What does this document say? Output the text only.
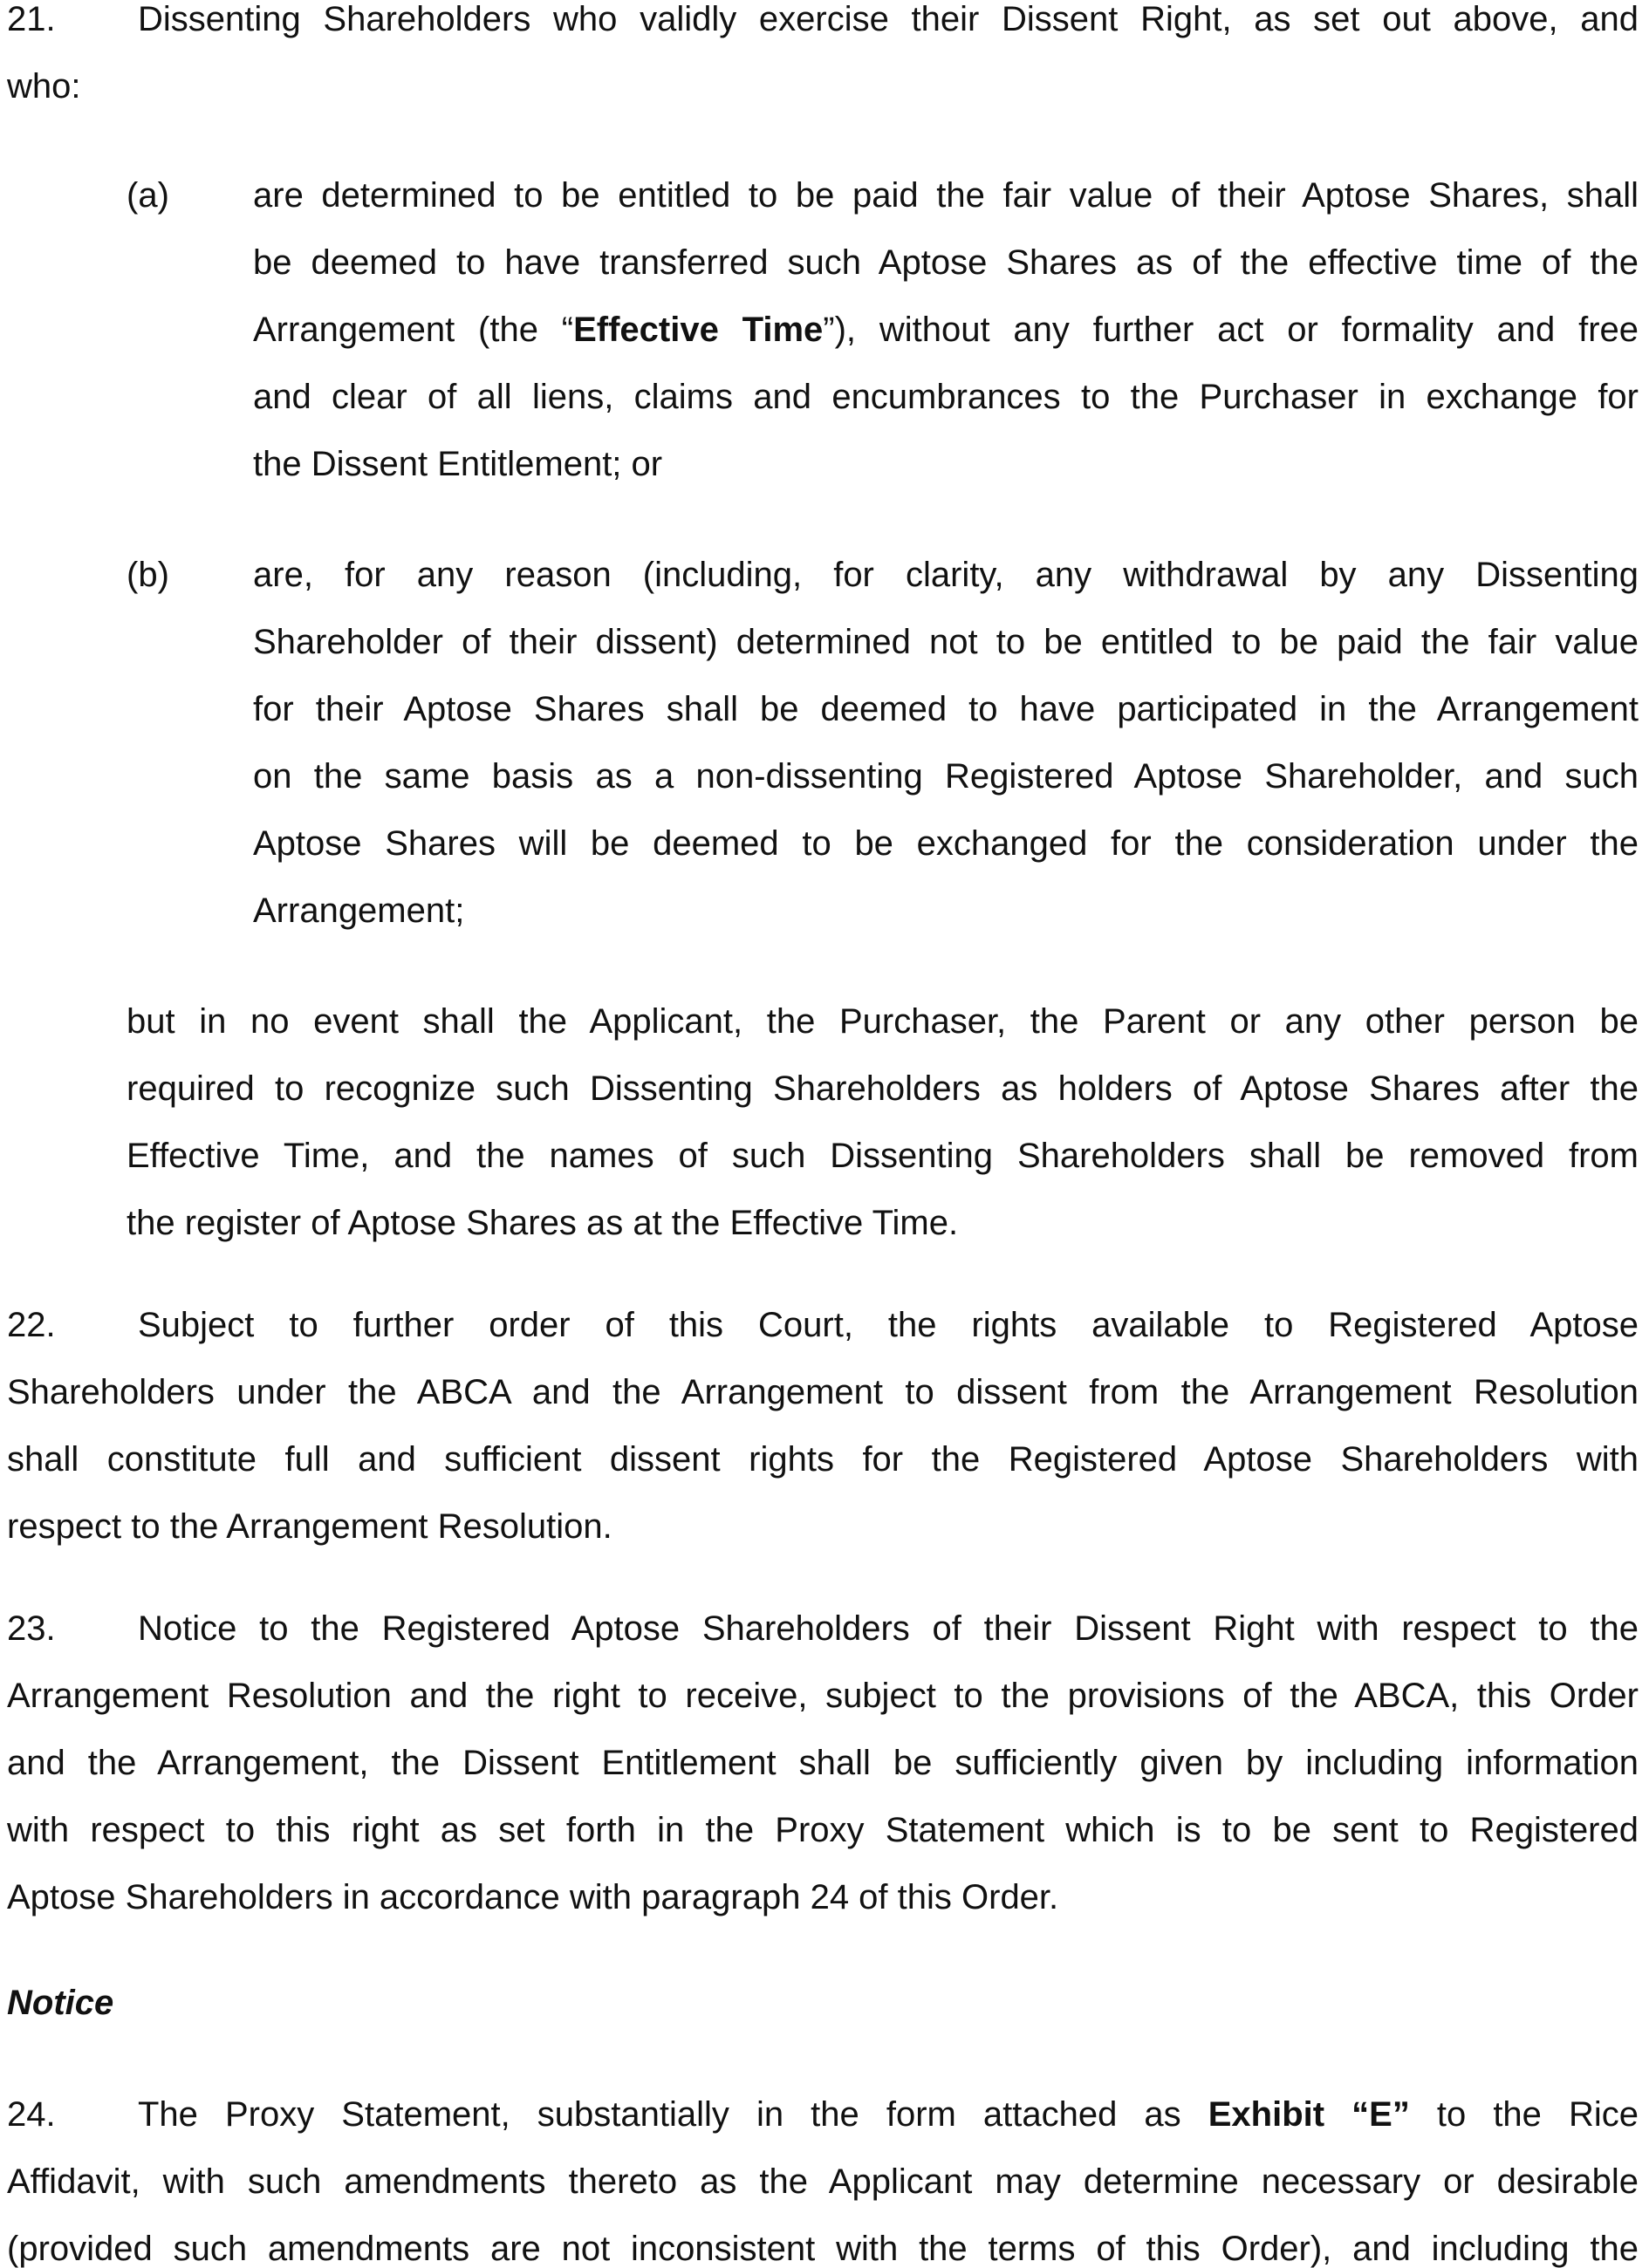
21. Dissenting Shareholders who validly exercise their Dissent Right, as set out above, and
who:
(a) are determined to be entitled to be paid the fair value of their Aptose Shares, shall
be deemed to have transferred such Aptose Shares as of the effective time of the
Arrangement (the “Effective Time”), without any further act or formality and free
and clear of all liens, claims and encumbrances to the Purchaser in exchange for
the Dissent Entitlement; or
(b) are, for any reason (including, for clarity, any withdrawal by any Dissenting
Shareholder of their dissent) determined not to be entitled to be paid the fair value
for their Aptose Shares shall be deemed to have participated in the Arrangement
on the same basis as a non-dissenting Registered Aptose Shareholder, and such
Aptose Shares will be deemed to be exchanged for the consideration under the
Arrangement;
but in no event shall the Applicant, the Purchaser, the Parent or any other person be
required to recognize such Dissenting Shareholders as holders of Aptose Shares after the
Effective Time, and the names of such Dissenting Shareholders shall be removed from
the register of Aptose Shares as at the Effective Time.
22. Subject to further order of this Court, the rights available to Registered Aptose
Shareholders under the ABCA and the Arrangement to dissent from the Arrangement Resolution
shall constitute full and sufficient dissent rights for the Registered Aptose Shareholders with
respect to the Arrangement Resolution.
23. Notice to the Registered Aptose Shareholders of their Dissent Right with respect to the
Arrangement Resolution and the right to receive, subject to the provisions of the ABCA, this Order
and the Arrangement, the Dissent Entitlement shall be sufficiently given by including information
with respect to this right as set forth in the Proxy Statement which is to be sent to Registered
Aptose Shareholders in accordance with paragraph 24 of this Order.
Notice
24. The Proxy Statement, substantially in the form attached as Exhibit “E” to the Rice
Affidavit, with such amendments thereto as the Applicant may determine necessary or desirable
(provided such amendments are not inconsistent with the terms of this Order), and including the
